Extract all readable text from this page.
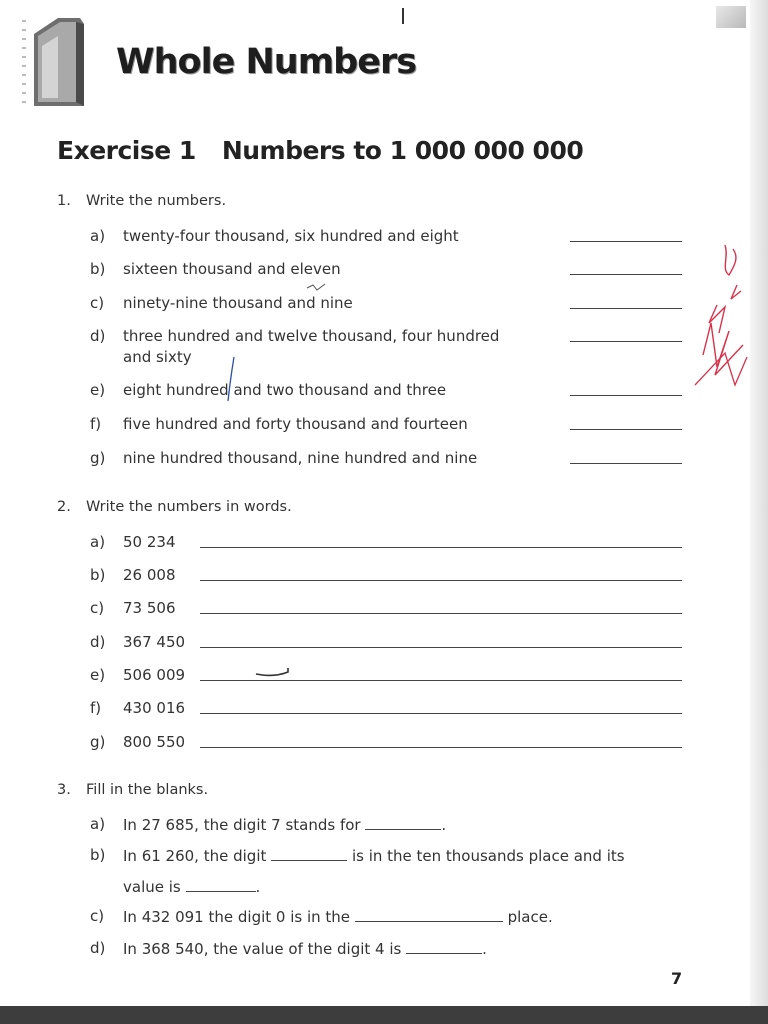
Whole Numbers
Exercise 1 Numbers to 1 000 000 000
1. Write the numbers.
a) twenty-four thousand, six hundred and eight
b) sixteen thousand and eleven
c) ninety-nine thousand and nine
d) three hundred and twelve thousand, four hundred
and sixty
e) eight hundred and two thousand and three
f) five hundred and forty thousand and fourteen
g) nine hundred thousand, nine hundred and nine
2. Write the numbers in words.
a) 50 234
b) 26 008
c) 73 506
d) 367 450
e) 506 009
f) 430 016
g) 800 550
3. Fill in the blanks.
a) In 27 685, the digit 7 stands for	.
b) In 61 260, the digit	is in the ten thousands place and its
value is	.
c) In 432 091 the digit 0 is in the	place.
d) In 368 540, the value of the digit 4 is	.
7
